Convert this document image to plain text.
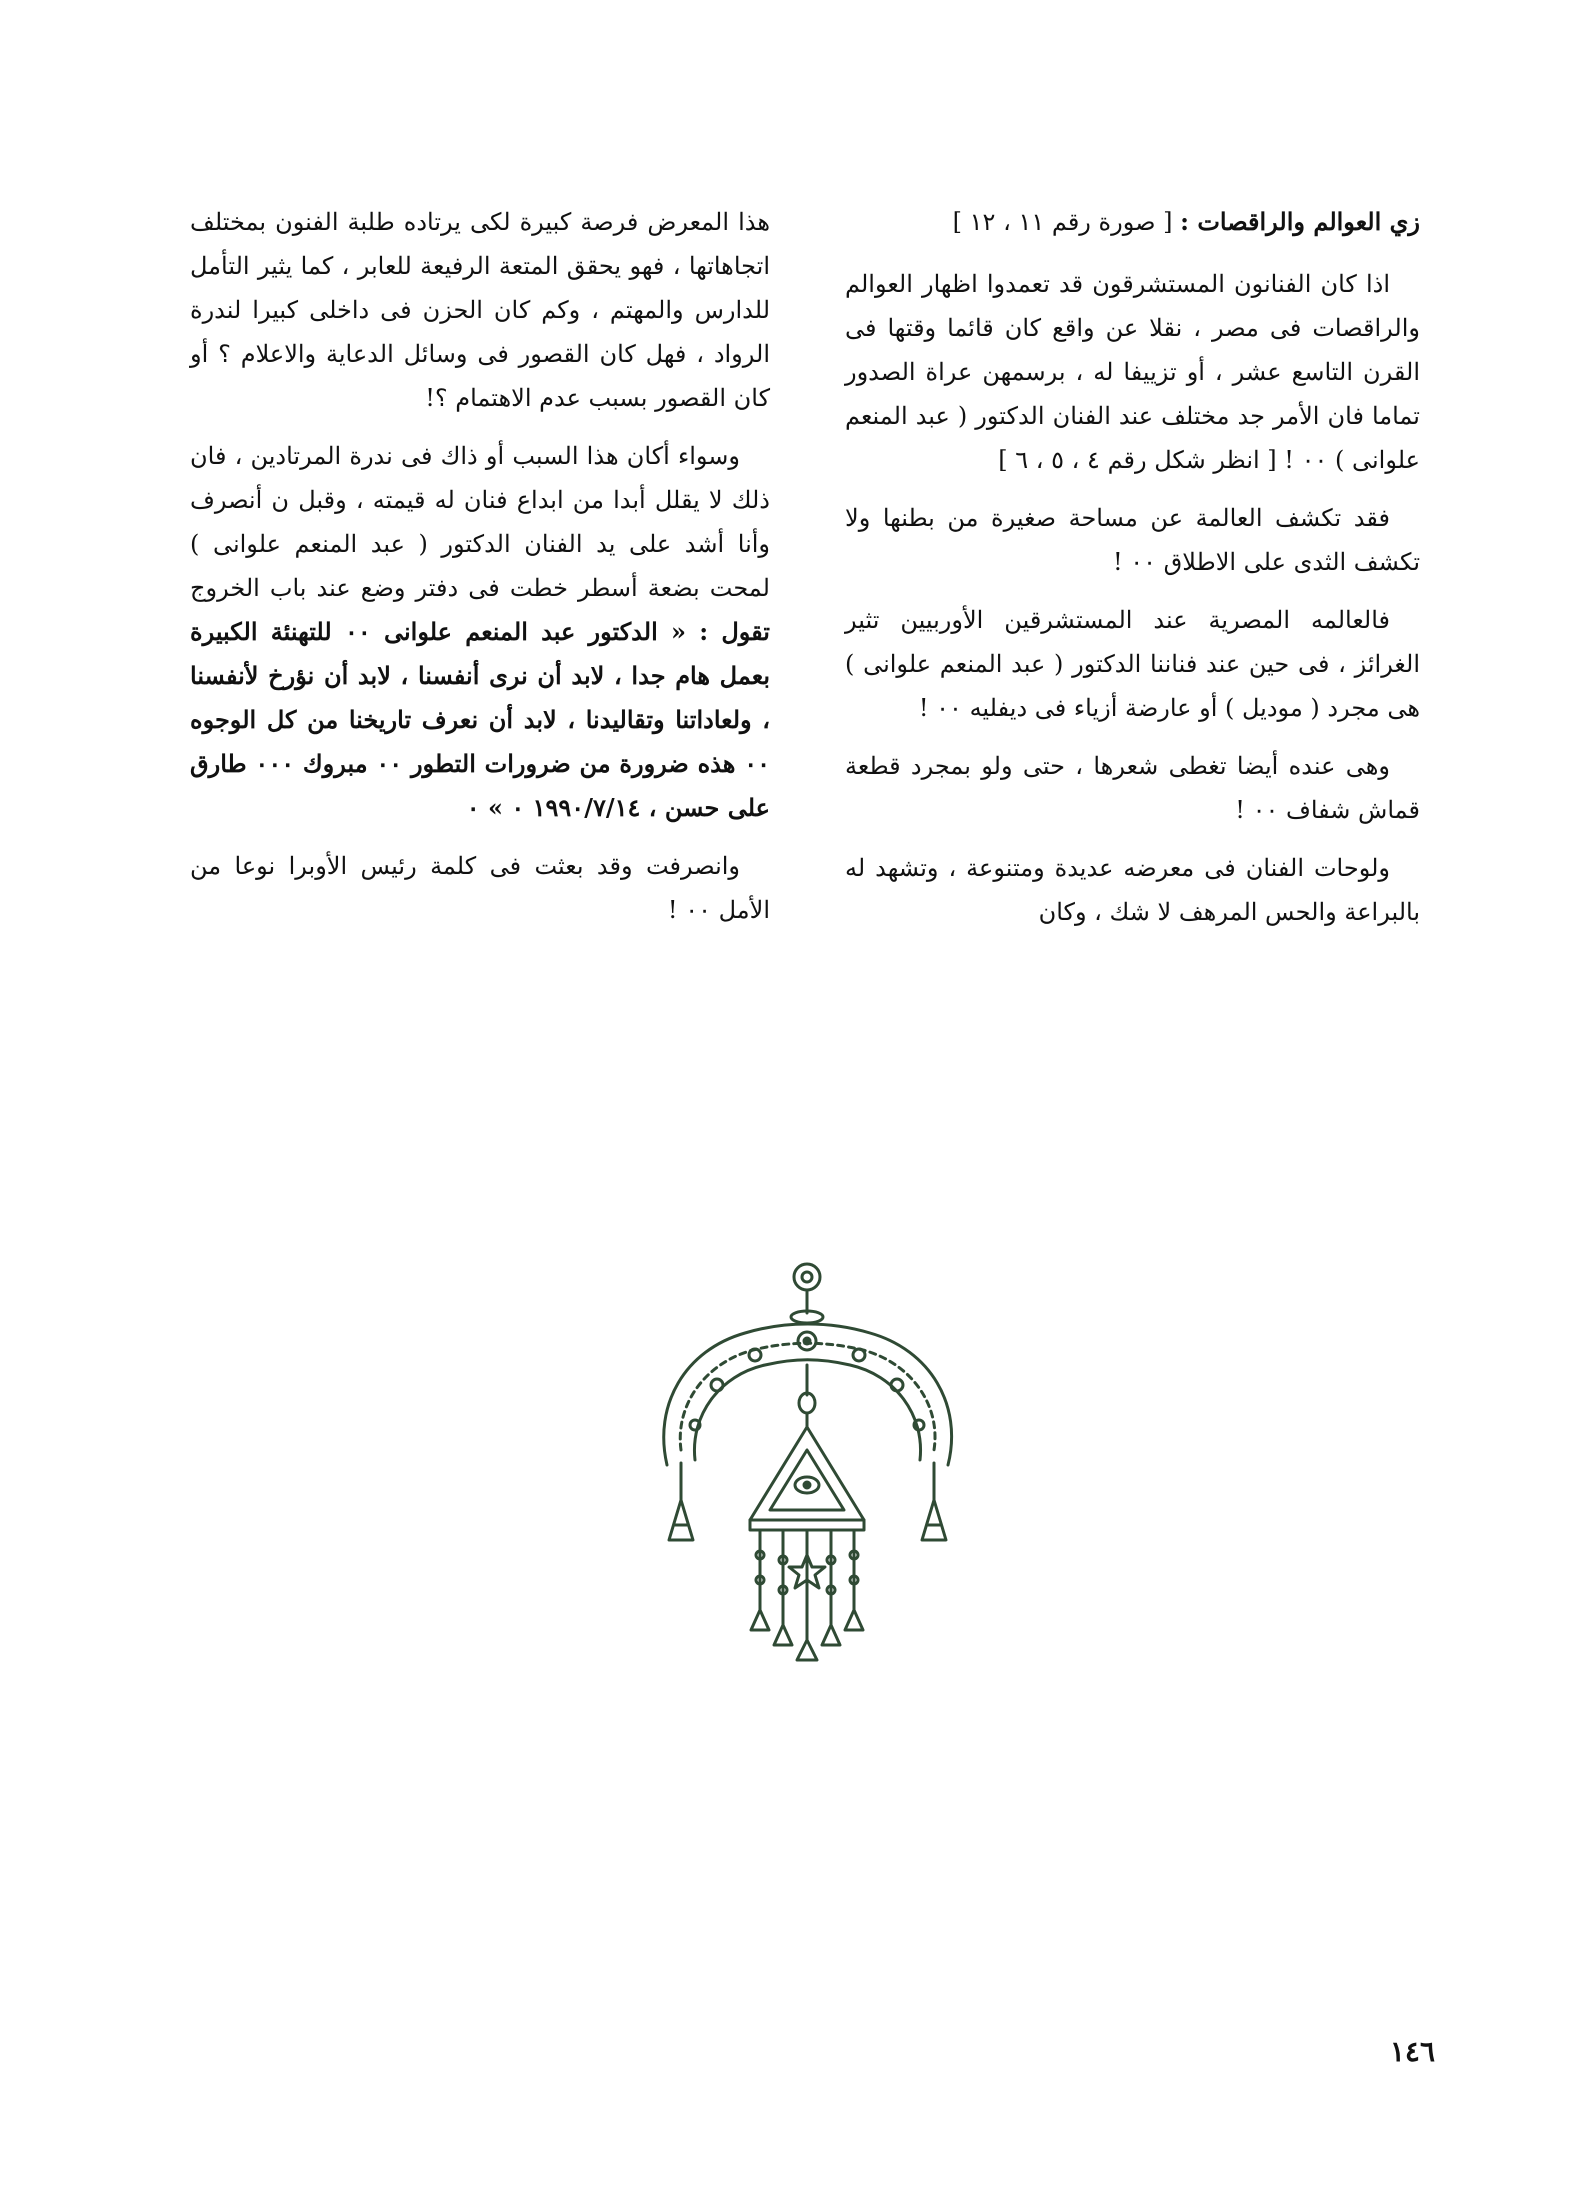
زي العوالم والراقصات : [ صورة رقم ١١ ، ١٢ ]

اذا كان الفنانون المستشرقون قد تعمدوا اظهار العوالم والراقصات فى مصر ، نقلا عن واقع كان قائما وقتها فى القرن التاسع عشر ، أو تزييفا له ، برسمهن عراة الصدور تماما فان الأمر جد مختلف عند الفنان الدكتور ( عبد المنعم علوانى ) ٠٠ ! [ انظر شكل رقم ٤ ، ٥ ، ٦ ]

فقد تكشف العالمة عن مساحة صغيرة من بطنها ولا تكشف الثدى على الاطلاق ٠٠ !

فالعالمه المصرية عند المستشرقين الأوربيين تثير الغرائز ، فى حين عند فناننا الدكتور ( عبد المنعم علوانى ) هى مجرد ( موديل ) أو عارضة أزياء فى ديفليه ٠٠ !

وهى عنده أيضا تغطى شعرها ، حتى ولو بمجرد قطعة قماش شفاف ٠٠ !

ولوحات الفنان فى معرضه عديدة ومتنوعة ، وتشهد له بالبراعة والحس المرهف لا شك ، وكان

هذا المعرض فرصة كبيرة لكى يرتاده طلبة الفنون بمختلف اتجاهاتها ، فهو يحقق المتعة الرفيعة للعابر ، كما يثير التأمل للدارس والمهتم ، وكم كان الحزن فى داخلى كبيرا لندرة الرواد ، فهل كان القصور فى وسائل الدعاية والاعلام ؟ أو كان القصور بسبب عدم الاهتمام ؟!

وسواء أكان هذا السبب أو ذاك فى ندرة المرتادين ، فان ذلك لا يقلل أبدا من ابداع فنان له قيمته ، وقبل ن أنصرف وأنا أشد على يد الفنان الدكتور ( عبد المنعم علوانى ) لمحت بضعة أسطر خطت فى دفتر وضع عند باب الخروج تقول : « الدكتور عبد المنعم علوانى ٠٠ للتهنئة الكبيرة بعمل هام جدا ، لابد أن نرى أنفسنا ، لابد أن نؤرخ لأنفسنا ، ولعاداتنا وتقاليدنا ، لابد أن نعرف تاريخنا من كل الوجوه ٠٠ هذه ضرورة من ضرورات التطور ٠٠ مبروك ٠٠٠ طارق على حسن ، ١٩٩٠/٧/١٤ ٠ » ٠

وانصرفت وقد بعثت فى كلمة رئيس الأوبرا نوعا من الأمل ٠٠ !

١٤٦
